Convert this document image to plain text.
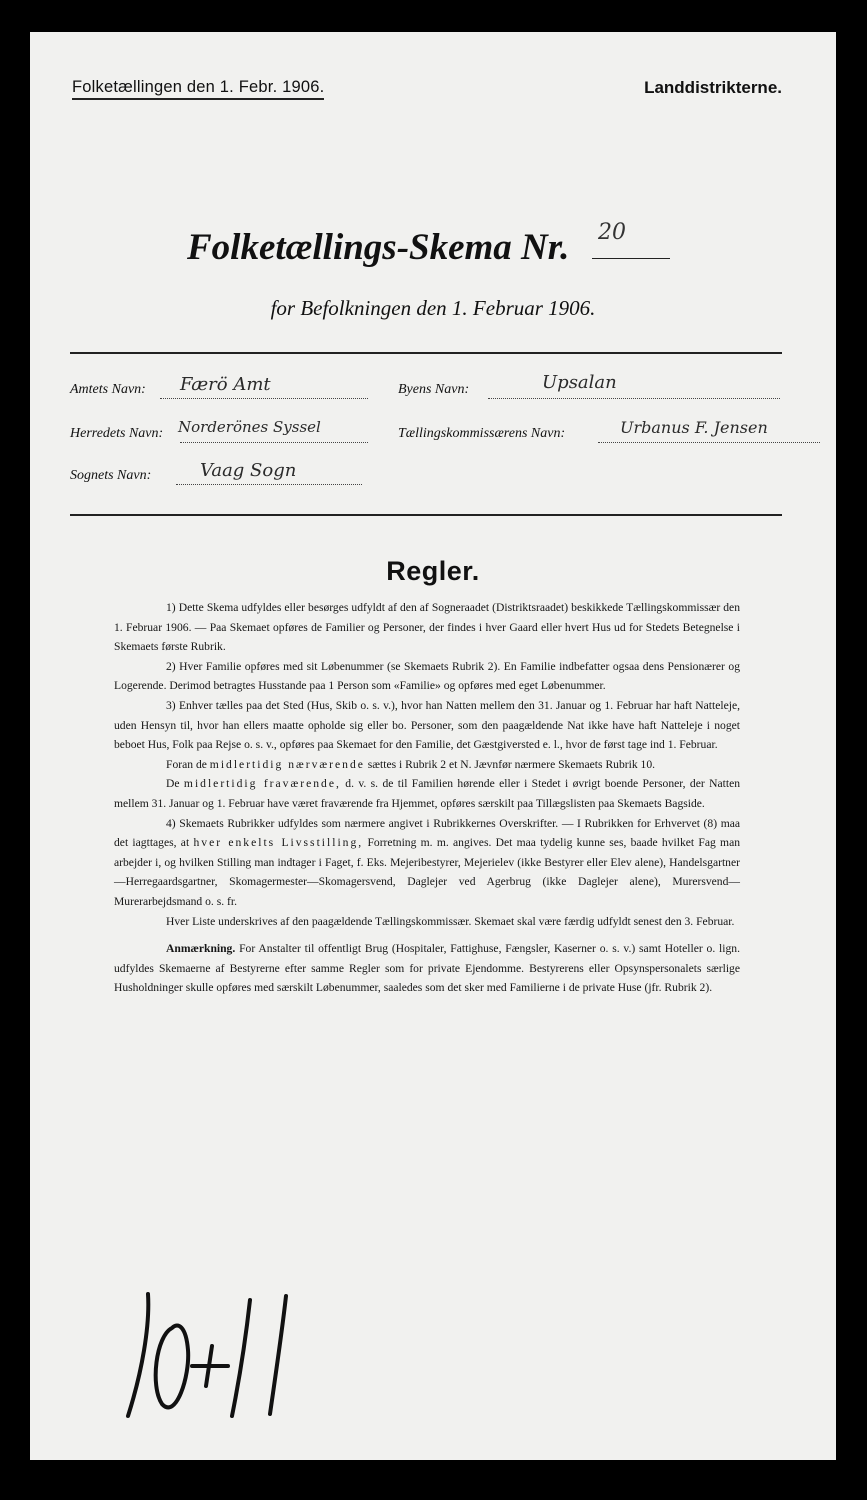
Folketællingen den 1. Febr. 1906.	Landdistrikterne.
Folketællings-Skema Nr. 20
for Befolkningen den 1. Februar 1906.
Amtets Navn: Færö Amt	Byens Navn:	Upsalan
Herredets Navn: Norderönes Syssel	Tællingskommissærens Navn:	Urbanus F. Jensen
Sognets Navn:	Vaag Sogn
Regler.

1) Dette Skema udfyldes eller besørges udfyldt af den af Sogneraadet (Distriktsraadet) beskikkede Tællingskommissær den 1. Februar 1906. — Paa Skemaet opføres de Familier og Personer, der findes i hver Gaard eller hvert Hus ud for Stedets Betegnelse i Skemaets første Rubrik.

2) Hver Familie opføres med sit Løbenummer (se Skemaets Rubrik 2). En Familie indbefatter ogsaa dens Pensionærer og Logerende. Derimod betragtes Husstande paa 1 Person som «Familie» og opføres med eget Løbenummer.

3) Enhver tælles paa det Sted (Hus, Skib o. s. v.), hvor han Natten mellem den 31. Januar og 1. Februar har haft Natteleje, uden Hensyn til, hvor han ellers maatte opholde sig eller bo. Personer, som den paagældende Nat ikke have haft Natteleje i noget beboet Hus, Folk paa Rejse o. s. v., opføres paa Skemaet for den Familie, det Gæstgiversted e. l., hvor de først tage ind 1. Februar.

Foran de midlertidig nærværende sættes i Rubrik 2 et N. Jævnfør nærmere Skemaets Rubrik 10.

De midlertidig fraværende, d. v. s. de til Familien hørende eller i Stedet i øvrigt boende Personer, der Natten mellem 31. Januar og 1. Februar have været fraværende fra Hjemmet, opføres særskilt paa Tillægslisten paa Skemaets Bagside.

4) Skemaets Rubrikker udfyldes som nærmere angivet i Rubrikkernes Overskrifter. — I Rubrikken for Erhvervet (8) maa det iagttages, at hver enkelts Livsstilling, Forretning m. m. angives. Det maa tydelig kunne ses, baade hvilket Fag man arbejder i, og hvilken Stilling man indtager i Faget, f. Eks. Mejeribestyrer, Mejerielev (ikke Bestyrer eller Elev alene), Handelsgartner—Herregaardsgartner, Skomagermester—Skomagersvend, Daglejer ved Agerbrug (ikke Daglejer alene), Murersvend—Murerarbejdsmand o. s. fr.

Hver Liste underskrives af den paagældende Tællingskommissær. Skemaet skal være færdig udfyldt senest den 3. Februar.

Anmærkning. For Anstalter til offentligt Brug (Hospitaler, Fattighuse, Fængsler, Kaserner o. s. v.) samt Hoteller o. lign. udfyldes Skemaerne af Bestyrerne efter samme Regler som for private Ejendomme. Bestyrerens eller Opsynspersonalets særlige Husholdninger skulle opføres med særskilt Løbenummer, saaledes som det sker med Familierne i de private Huse (jfr. Rubrik 2).
